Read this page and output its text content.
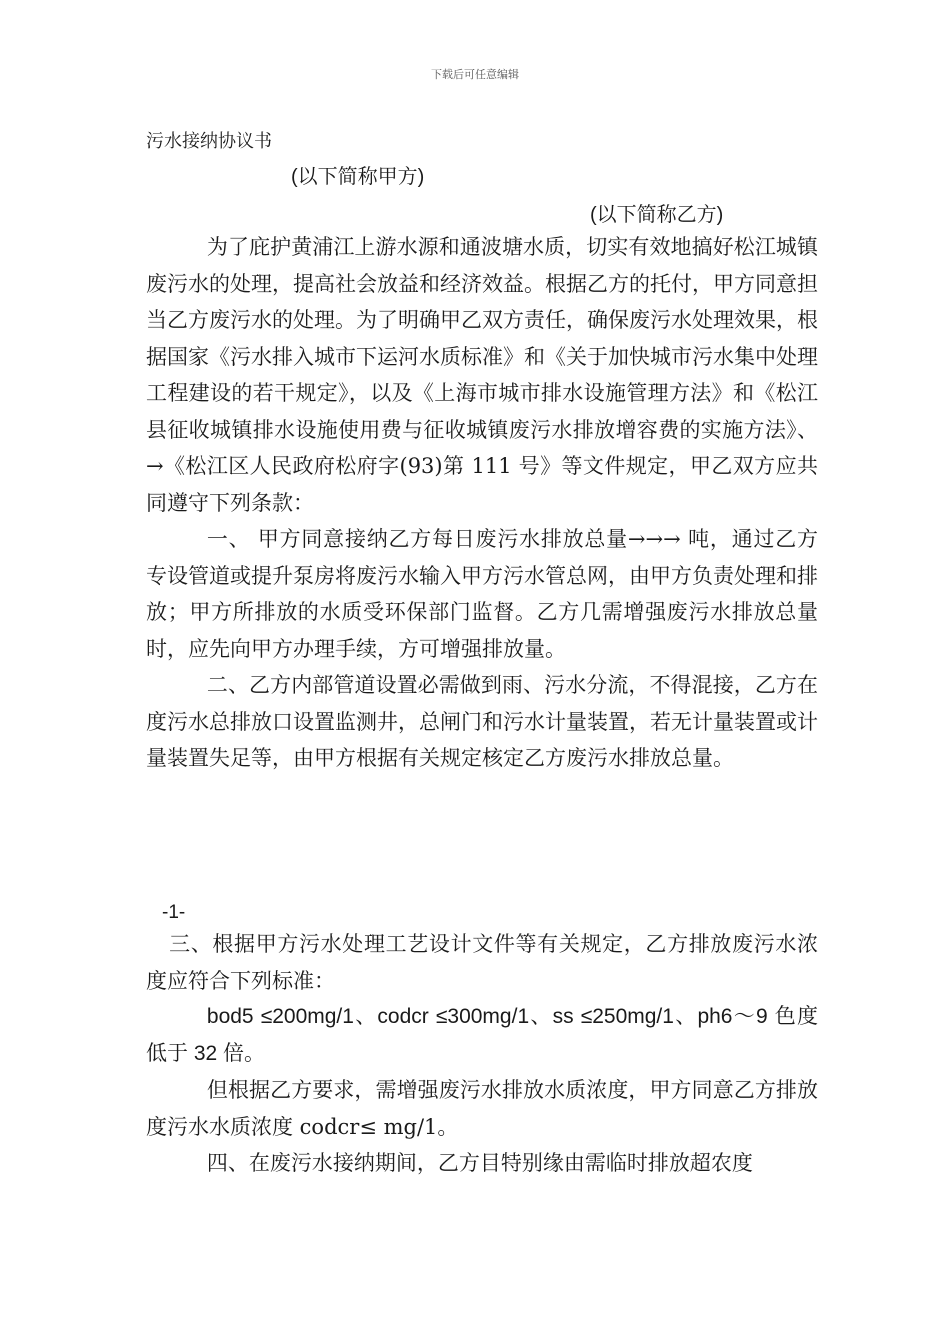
下载后可任意编辑
污水接纳协议书
(以下简称甲方)
(以下简称乙方)

为了庇护黄浦江上游水源和通波塘水质，切实有效地搞好松江城镇废污水的处理，提高社会放益和经济效益。根据乙方的托付，甲方同意担当乙方废污水的处理。为了明确甲乙双方责任，确保废污水处理效果，根据国家《污水排入城市下运河水质标准》和《关于加快城市污水集中处理工程建设的若干规定》，以及《上海市城市排水设施管理方法》和《松江县征收城镇排水设施使用费与征收城镇废污水排放增容费的实施方法》、→《松江区人民政府松府字(93)第 111 号》等文件规定，甲乙双方应共同遵守下列条款：

一、 甲方同意接纳乙方每日废污水排放总量→→→ 吨，通过乙方专设管道或提升泵房将废污水输入甲方污水管总网，由甲方负责处理和排放；甲方所排放的水质受环保部门监督。乙方几需增强废污水排放总量时，应先向甲方办理手续，方可增强排放量。

二、乙方内部管道设置必需做到雨、污水分流，不得混接，乙方在度污水总排放口设置监测井，总闸门和污水计量装置，若无计量装置或计量装置失足等，由甲方根据有关规定核定乙方废污水排放总量。

-1-

三、根据甲方污水处理工艺设计文件等有关规定，乙方排放废污水浓度应符合下列标准：

bod5 ≤200mg/1、codcr ≤300mg/1、ss ≤250mg/1、ph6～9 色度低于 32 倍。

但根据乙方要求，需增强废污水排放水质浓度，甲方同意乙方排放度污水水质浓度 codcr≤ mg/1。

四、在废污水接纳期间，乙方目特别缘由需临时排放超农度
